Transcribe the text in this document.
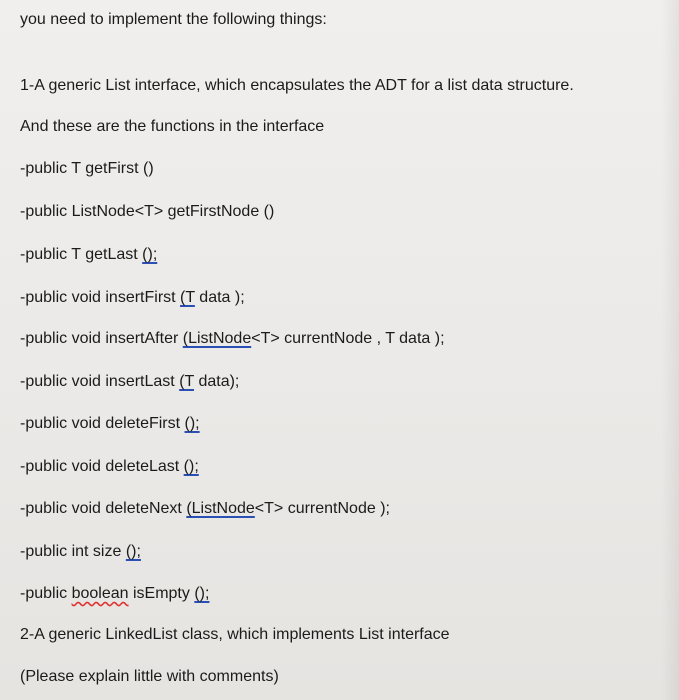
you need to implement the following things:
1-A generic List interface, which encapsulates the ADT for a list data structure.
And these are the functions in the interface
-public T getFirst ()
-public ListNode<T> getFirstNode ()
-public T getLast ();
-public void insertFirst (T data );
-public void insertAfter (ListNode<T> currentNode , T data );
-public void insertLast (T data);
-public void deleteFirst ();
-public void deleteLast ();
-public void deleteNext (ListNode<T> currentNode );
-public int size ();
-public boolean isEmpty ();
2-A generic LinkedList class, which implements List interface
(Please explain little with comments)
